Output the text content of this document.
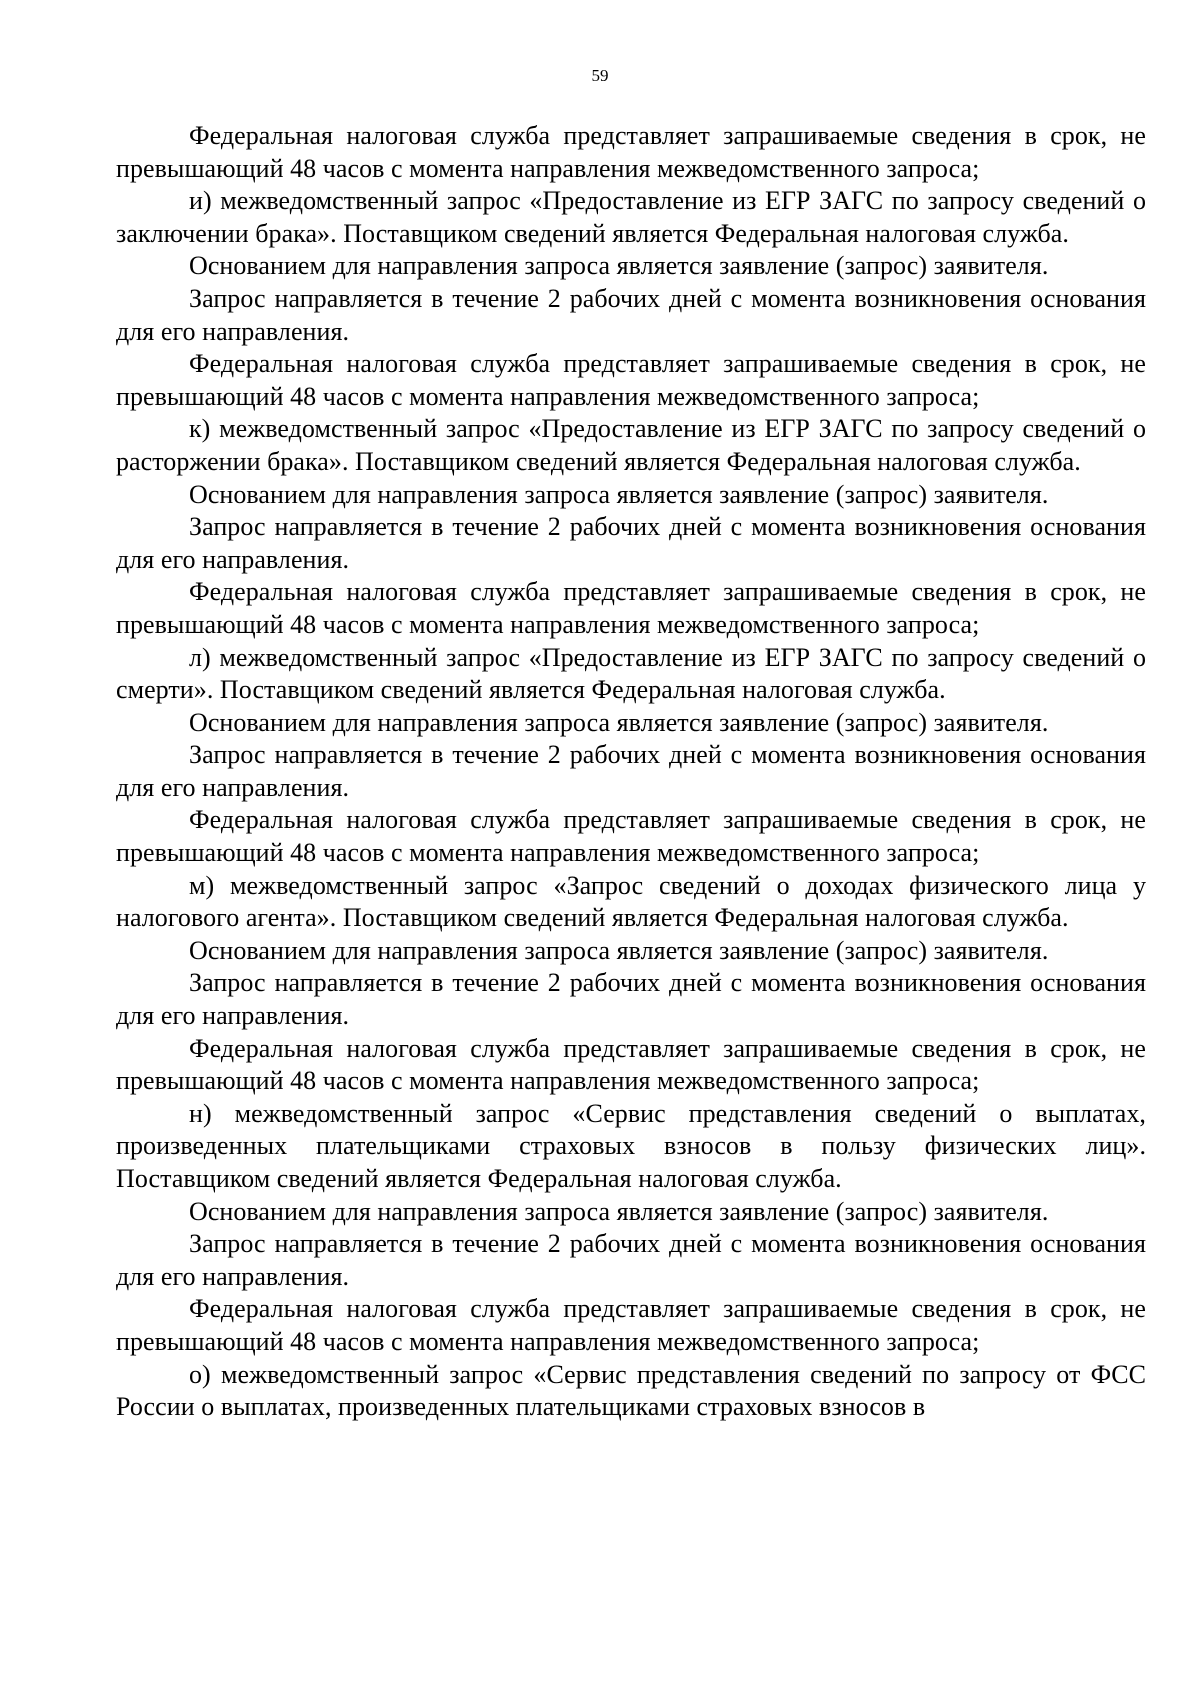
59

Федеральная налоговая служба представляет запрашиваемые сведения в срок, не превышающий 48 часов с момента направления межведомственного запроса;

и) межведомственный запрос «Предоставление из ЕГР ЗАГС по запросу сведений о заключении брака». Поставщиком сведений является Федеральная налоговая служба.

Основанием для направления запроса является заявление (запрос) заявителя.

Запрос направляется в течение 2 рабочих дней с момента возникновения основания для его направления.

Федеральная налоговая служба представляет запрашиваемые сведения в срок, не превышающий 48 часов с момента направления межведомственного запроса;

к) межведомственный запрос «Предоставление из ЕГР ЗАГС по запросу сведений о расторжении брака». Поставщиком сведений является Федеральная налоговая служба.

Основанием для направления запроса является заявление (запрос) заявителя.

Запрос направляется в течение 2 рабочих дней с момента возникновения основания для его направления.

Федеральная налоговая служба представляет запрашиваемые сведения в срок, не превышающий 48 часов с момента направления межведомственного запроса;

л) межведомственный запрос «Предоставление из ЕГР ЗАГС по запросу сведений о смерти». Поставщиком сведений является Федеральная налоговая служба.

Основанием для направления запроса является заявление (запрос) заявителя.

Запрос направляется в течение 2 рабочих дней с момента возникновения основания для его направления.

Федеральная налоговая служба представляет запрашиваемые сведения в срок, не превышающий 48 часов с момента направления межведомственного запроса;

м) межведомственный запрос «Запрос сведений о доходах физического лица у налогового агента». Поставщиком сведений является Федеральная налоговая служба.

Основанием для направления запроса является заявление (запрос) заявителя.

Запрос направляется в течение 2 рабочих дней с момента возникновения основания для его направления.

Федеральная налоговая служба представляет запрашиваемые сведения в срок, не превышающий 48 часов с момента направления межведомственного запроса;

н) межведомственный запрос «Сервис представления сведений о выплатах, произведенных плательщиками страховых взносов в пользу физических лиц». Поставщиком сведений является Федеральная налоговая служба.

Основанием для направления запроса является заявление (запрос) заявителя.

Запрос направляется в течение 2 рабочих дней с момента возникновения основания для его направления.

Федеральная налоговая служба представляет запрашиваемые сведения в срок, не превышающий 48 часов с момента направления межведомственного запроса;

о) межведомственный запрос «Сервис представления сведений по запросу от ФСС России о выплатах, произведенных плательщиками страховых взносов в
